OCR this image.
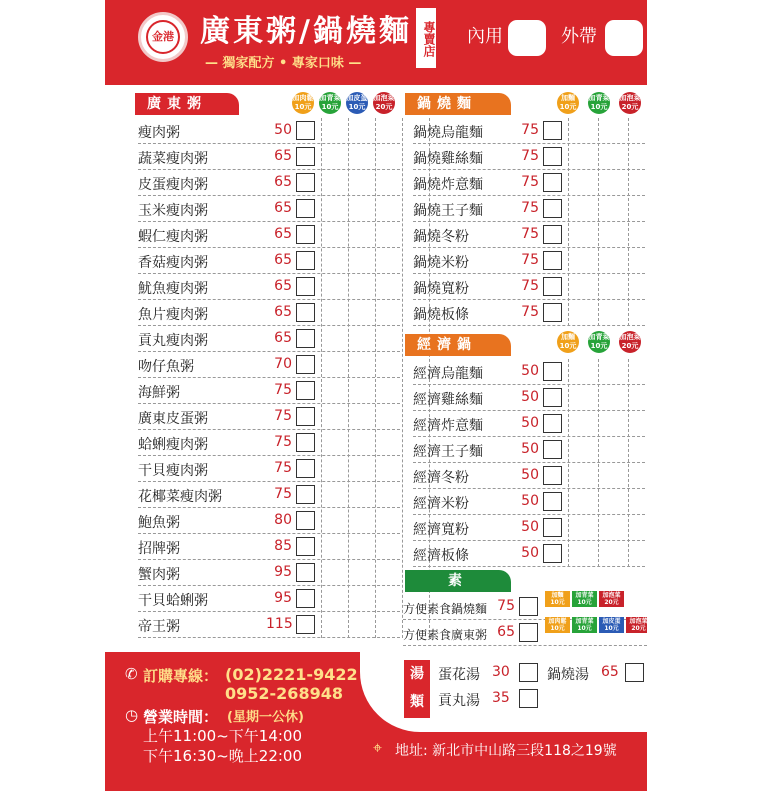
金港 廣東粥/鍋燒麵 專賣店
— 獨家配方 • 專家口味 —
內用	外帶
廣東粥	加肉鬆
10元
加青菜
10元
加皮蛋
10元
加泡菜
20元
瘦肉粥	50
蔬菜瘦肉粥	65
皮蛋瘦肉粥	65
玉米瘦肉粥	65
蝦仁瘦肉粥	65
香菇瘦肉粥	65
魷魚瘦肉粥	65
魚片瘦肉粥	65
貢丸瘦肉粥	65
吻仔魚粥	70
海鮮粥	75
廣東皮蛋粥	75
蛤蜊瘦肉粥	75
干貝瘦肉粥	75
花椰菜瘦肉粥	75
鮑魚粥	80
招牌粥	85
蟹肉粥	95
干貝蛤蜊粥	95
帝王粥	115
鍋燒麵	加麵
10元
加青菜
10元
加泡菜
20元
鍋燒烏龍麵	75
鍋燒雞絲麵	75
鍋燒炸意麵	75
鍋燒王子麵	75
鍋燒冬粉	75
鍋燒米粉	75
鍋燒寬粉	75
鍋燒板條	75
經濟鍋	加麵
10元
加青菜
10元
加泡菜
20元
經濟烏龍麵	50
經濟雞絲麵	50
經濟炸意麵	50
經濟王子麵	50
經濟冬粉	50
經濟米粉	50
經濟寬粉	50
經濟板條	50
素
方便素食鍋燒麵 75
加麵
10元
加青菜
10元
加泡菜
20元
方便素食廣東粥 65
加肉鬆
10元
加青菜
10元
加皮蛋
10元
加泡菜
20元
湯類
蛋花湯 30	鍋燒湯 65
貢丸湯 35
✆ 訂購專線： (02)2221-9422
0952-268948
◷ 營業時間： (星期一公休)
上午11:00~下午14:00
下午16:30~晚上22:00	⌖ 地址: 新北市中山路三段118之19號
